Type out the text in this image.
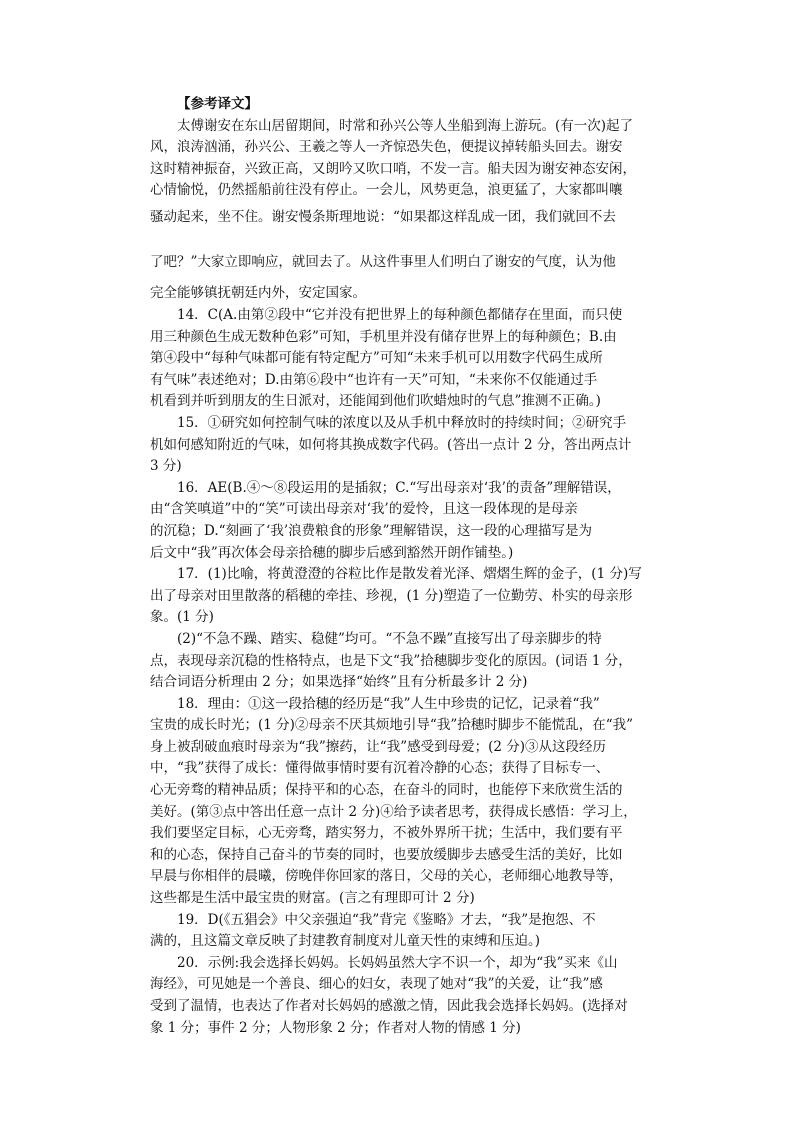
【参考译文】
太傅谢安在东山居留期间，时常和孙兴公等人坐船到海上游玩。(有一次)起了
风，浪涛汹涌，孙兴公、王羲之等人一齐惊恐失色，便提议掉转船头回去。谢安
这时精神振奋，兴致正高，又朗吟又吹口哨，不发一言。船夫因为谢安神态安闲，
心情愉悦，仍然摇船前往没有停止。一会儿，风势更急，浪更猛了，大家都叫嚷
骚动起来，坐不住。谢安慢条斯理地说：“如果都这样乱成一团，我们就回不去
了吧？”大家立即响应，就回去了。从这件事里人们明白了谢安的气度，认为他
完全能够镇抚朝廷内外，安定国家。
14．C(A.由第②段中“它并没有把世界上的每种颜色都储存在里面，而只使
用三种颜色生成无数种色彩”可知，手机里并没有储存世界上的每种颜色；B.由
第④段中“每种气味都可能有特定配方”可知“未来手机可以用数字代码生成所
有气味”表述绝对；D.由第⑥段中“也许有一天”可知，“未来你不仅能通过手
机看到并听到朋友的生日派对，还能闻到他们吹蜡烛时的气息”推测不正确。)
15．①研究如何控制气味的浓度以及从手机中释放时的持续时间；②研究手
机如何感知附近的气味，如何将其换成数字代码。(答出一点计 2 分，答出两点计
3 分)
16．AE(B.④～⑧段运用的是插叙；C.“写出母亲对‘我’的责备”理解错误，
由“含笑嗔道”中的“笑”可读出母亲对‘我’的爱怜，且这一段体现的是母亲
的沉稳；D.“刻画了‘我’浪费粮食的形象”理解错误，这一段的心理描写是为
后文中“我”再次体会母亲拾穗的脚步后感到豁然开朗作铺垫。)
17．(1)比喻，将黄澄澄的谷粒比作是散发着光泽、熠熠生辉的金子，(1 分)写
出了母亲对田里散落的稻穗的牵挂、珍视，(1 分)塑造了一位勤劳、朴实的母亲形
象。(1 分)
(2)“不急不躁、踏实、稳健”均可。“不急不躁”直接写出了母亲脚步的特
点，表现母亲沉稳的性格特点，也是下文“我”拾穗脚步变化的原因。(词语 1 分，
结合词语分析理由 2 分；如果选择“始终”且有分析最多计 2 分)
18．理由：①这一段拾穗的经历是“我”人生中珍贵的记忆，记录着“我”
宝贵的成长时光；(1 分)②母亲不厌其烦地引导“我”拾穗时脚步不能慌乱，在“我”
身上被刮破血痕时母亲为“我”擦药，让“我”感受到母爱；(2 分)③从这段经历
中，“我”获得了成长：懂得做事情时要有沉着冷静的心态；获得了目标专一、
心无旁骛的精神品质；保持平和的心态，在奋斗的同时，也能停下来欣赏生活的
美好。(第③点中答出任意一点计 2 分)④给予读者思考，获得成长感悟：学习上，
我们要坚定目标，心无旁骛，踏实努力，不被外界所干扰；生活中，我们要有平
和的心态，保持自己奋斗的节奏的同时，也要放缓脚步去感受生活的美好，比如
早晨与你相伴的晨曦，傍晚伴你回家的落日，父母的关心，老师细心地教导等，
这些都是生活中最宝贵的财富。(言之有理即可计 2 分)
19．D(《五猖会》中父亲强迫“我”背完《鉴略》才去，“我”是抱怨、不
满的，且这篇文章反映了封建教育制度对儿童天性的束缚和压迫。)
20．示例:我会选择长妈妈。长妈妈虽然大字不识一个，却为“我”买来《山
海经》，可见她是一个善良、细心的妇女，表现了她对“我”的关爱，让“我”感
受到了温情，也表达了作者对长妈妈的感激之情，因此我会选择长妈妈。(选择对
象 1 分；事件 2 分；人物形象 2 分；作者对人物的情感 1 分)
